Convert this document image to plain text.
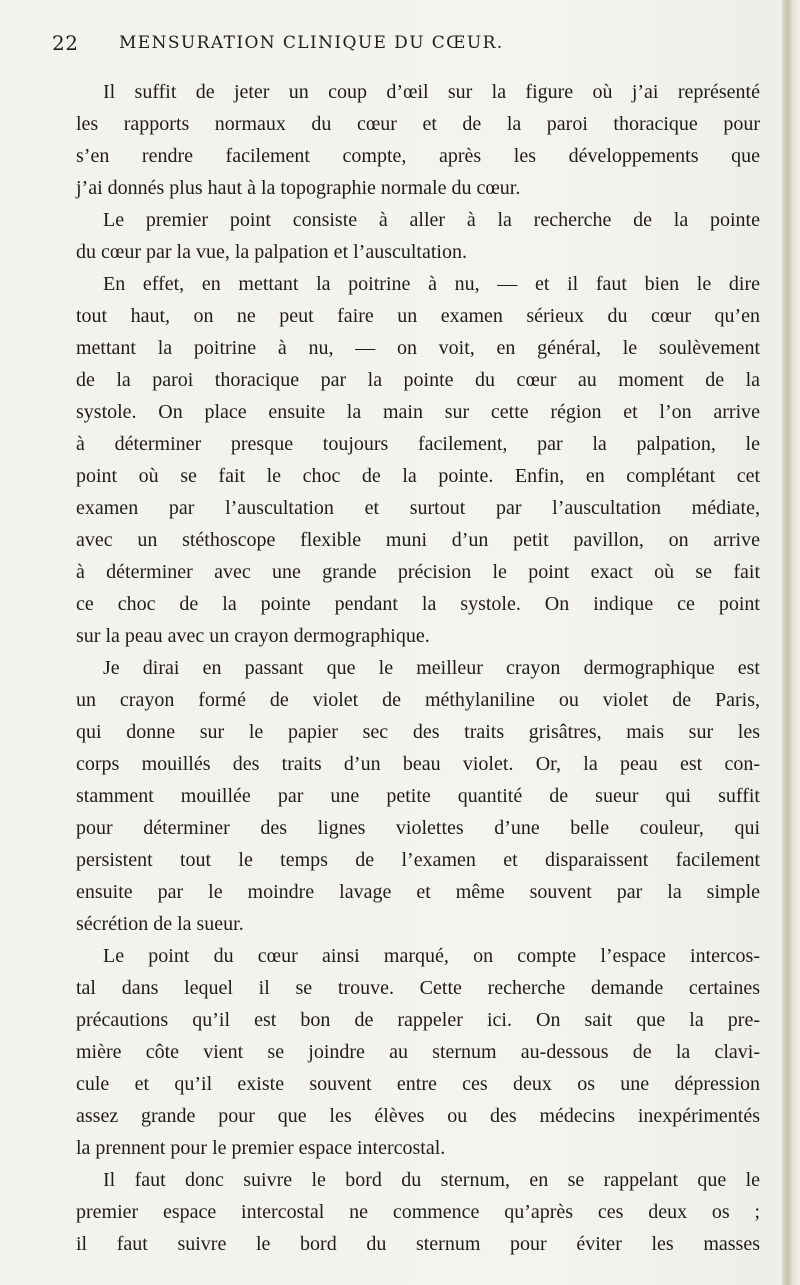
22 MENSURATION CLINIQUE DU CŒUR.
Il suffit de jeter un coup d’œil sur la figure où j’ai représenté
les rapports normaux du cœur et de la paroi thoracique pour
s’en rendre facilement compte, après les développements que
j’ai donnés plus haut à la topographie normale du cœur.
Le premier point consiste à aller à la recherche de la pointe
du cœur par la vue, la palpation et l’auscultation.
En effet, en mettant la poitrine à nu, — et il faut bien le dire
tout haut, on ne peut faire un examen sérieux du cœur qu’en
mettant la poitrine à nu, — on voit, en général, le soulèvement
de la paroi thoracique par la pointe du cœur au moment de la
systole. On place ensuite la main sur cette région et l’on arrive
à déterminer presque toujours facilement, par la palpation, le
point où se fait le choc de la pointe. Enfin, en complétant cet
examen par l’auscultation et surtout par l’auscultation médiate,
avec un stéthoscope flexible muni d’un petit pavillon, on arrive
à déterminer avec une grande précision le point exact où se fait
ce choc de la pointe pendant la systole. On indique ce point
sur la peau avec un crayon dermographique.
Je dirai en passant que le meilleur crayon dermographique est
un crayon formé de violet de méthylaniline ou violet de Paris,
qui donne sur le papier sec des traits grisâtres, mais sur les
corps mouillés des traits d’un beau violet. Or, la peau est con-
stamment mouillée par une petite quantité de sueur qui suffit
pour déterminer des lignes violettes d’une belle couleur, qui
persistent tout le temps de l’examen et disparaissent facilement
ensuite par le moindre lavage et même souvent par la simple
sécrétion de la sueur.
Le point du cœur ainsi marqué, on compte l’espace intercos-
tal dans lequel il se trouve. Cette recherche demande certaines
précautions qu’il est bon de rappeler ici. On sait que la pre-
mière côte vient se joindre au sternum au-dessous de la clavi-
cule et qu’il existe souvent entre ces deux os une dépression
assez grande pour que les élèves ou des médecins inexpérimentés
la prennent pour le premier espace intercostal.
Il faut donc suivre le bord du sternum, en se rappelant que le
premier espace intercostal ne commence qu’après ces deux os ;
il faut suivre le bord du sternum pour éviter les masses
